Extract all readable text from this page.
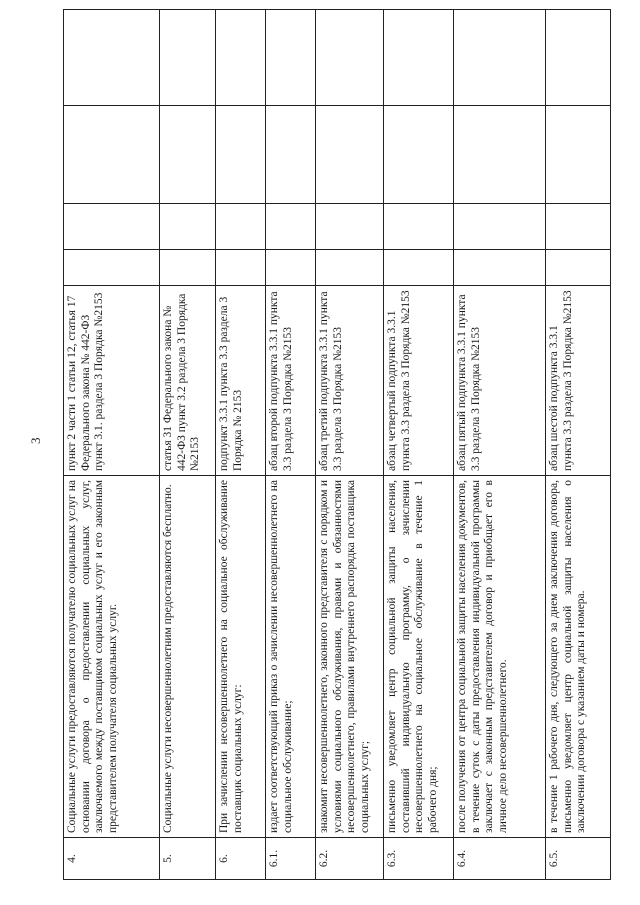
3
4.	Социальные услуги предоставляются получателю социальных услуг на основании договора о предоставлении социальных услуг, заключаемого между поставщиком социальных услуг и его законным представителем получателя социальных услуг.	пункт 2 части 1 статьи 12, статья 17 Федерального закона № 442-ФЗ пункт 3.1. раздела 3 Порядка №2153				
5.	Социальные услуги несовершеннолетним предоставляются бесплатно.	статья 31 Федерального закона № 442-ФЗ пункт 3.2 раздела 3 Порядка №2153				
6.	При зачислении несовершеннолетнего на социальное обслуживание поставщик социальных услуг:	подпункт 3.3.1 пункта 3.3 раздела 3 Порядка № 2153				
6.1.	издает соответствующий приказ о зачислении несовершеннолетнего на социальное обслуживание;	абзац второй подпункта 3.3.1 пункта 3.3 раздела 3 Порядка №2153				
6.2.	знакомит несовершеннолетнего, законного представителя с порядком и условиями социального обслуживания, правами и обязанностями несовершеннолетнего, правилами внутреннего распорядка поставщика социальных услуг;	абзац третий подпункта 3.3.1 пункта 3.3 раздела 3 Порядка №2153				
6.3.	письменно уведомляет центр социальной защиты населения, составивший индивидуальную программу, о зачислении несовершеннолетнего на социальное обслуживание в течение 1 рабочего дня;	абзац четвертый подпункта 3.3.1 пункта 3.3 раздела 3 Порядка №2153				
6.4.	после получения от центра социальной защиты населения документов, в течение суток с даты предоставления индивидуальной программы заключает с законным представителем договор и приобщает его в личное дело несовершеннолетнего.	абзац пятый подпункта 3.3.1 пункта 3.3 раздела 3 Порядка №2153				
6.5.	в течение 1 рабочего дня, следующего за днем заключения договора, письменно уведомляет центр социальной защиты населения о заключении договора с указанием даты и номера.	абзац шестой подпункта 3.3.1 пункта 3.3 раздела 3 Порядка №2153				
